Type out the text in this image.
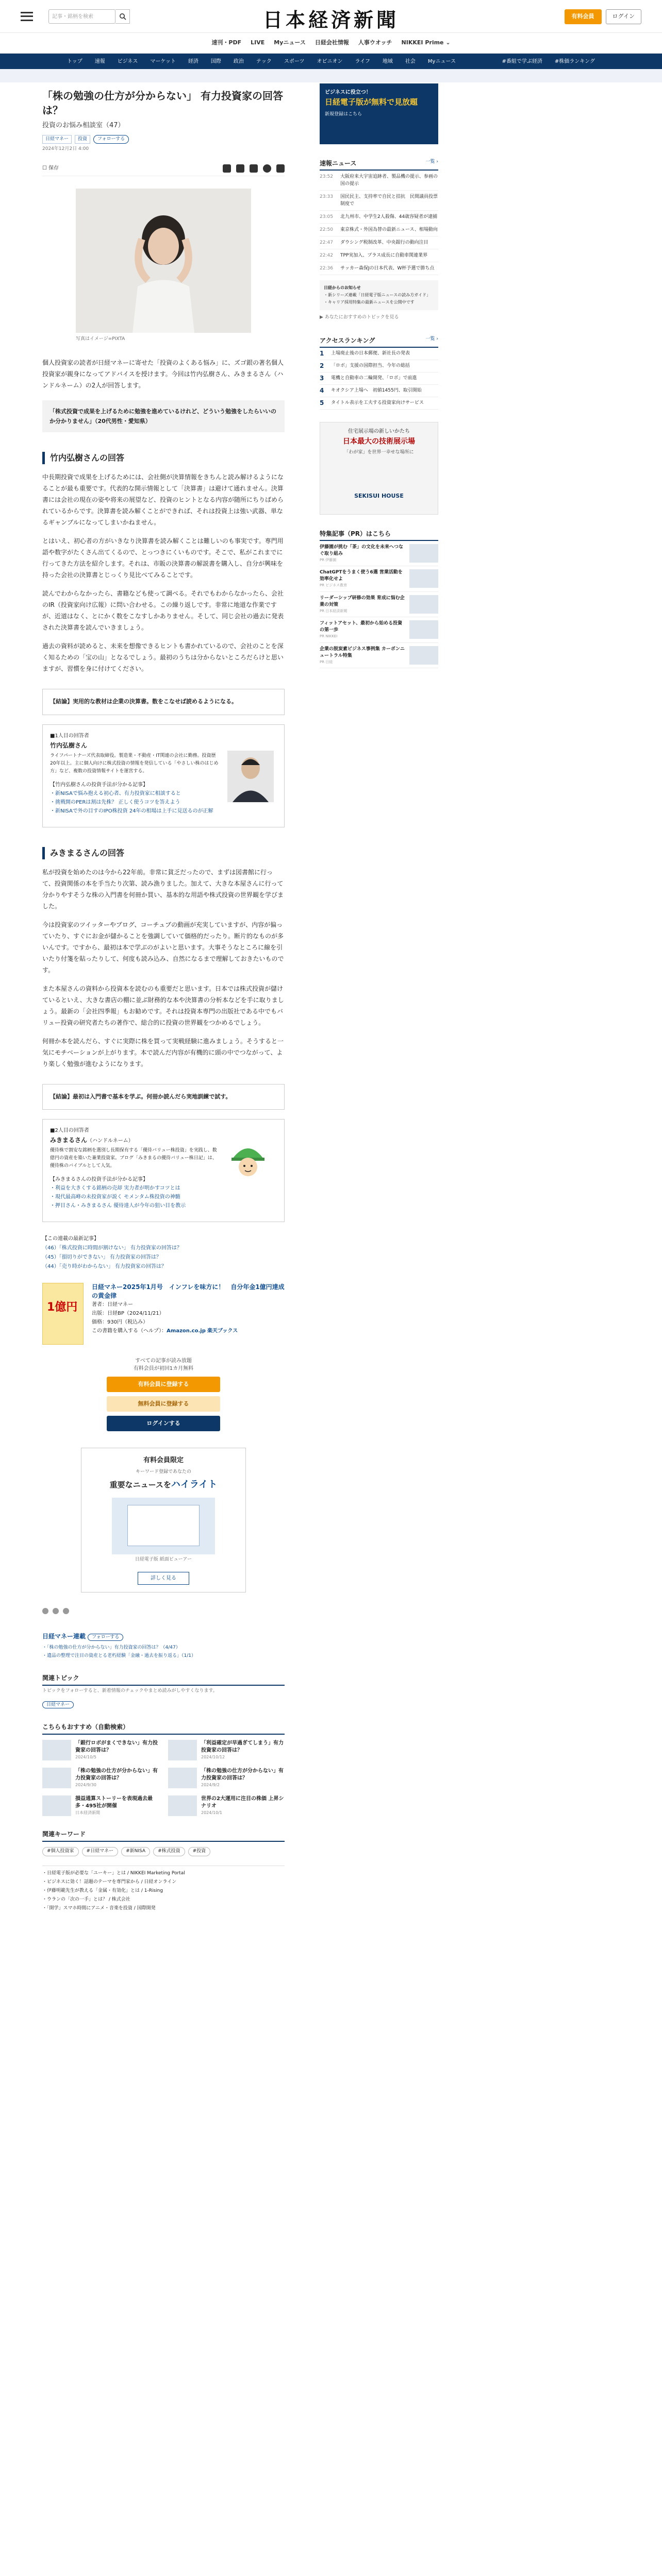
記事・銘柄を検索	日本経済新聞	有料会員	ログイン
速刊・PDF LIVE Myニュース 日経会社情報 人事ウオッチ NIKKEI Prime ⌄
トップ 速報 ビジネス マーケット 経済 国際 政治 テック スポーツ オピニオン ライフ 地域 社会 Myニュース	#番組で学ぶ経済 #株価ランキング
「株の勉強の仕方が分からない」 有力投資家の回答は？
投資のお悩み相談室（47）
日経マネー	投資	フォローする
2024年12月2日 4:00
☐ 保存
写真はイメージ=PIXTA

個人投資家の読者が日経マネーに寄せた「投資のよくある悩み」に、ズゴ銀の著名個人投資家が親身になってアドバイスを授けます。今回は竹内弘樹さん、みきまるさん（ハンドルネーム）の2人が回答します。

「株式投資で成果を上げるために勉強を進めているけれど、どういう勉強をしたらいいのか分かりません」（20代男性・愛知県）
竹内弘樹さんの回答

中長期投資で成果を上げるためには、会社側が決算情報をきちんと読み解けるようになることが最も重要です。代表的な開示情報として「決算書」は避けて通れません。決算書には会社の現在の姿や将来の展望など、投資のヒントとなる内容が随所にちりばめられているからです。決算書を読み解くことができれば、それは投資上は強い武器、単なるギャンブルになってしまいかねません。

とはいえ、初心者の方がいきなり決算書を読み解くことは難しいのも事実です。専門用語や数字がたくさん出てくるので、とっつきにくいものです。そこで、私がこれまでに行ってきた方法を紹介します。それは、市販の決算書の解説書を購入し、自分が興味を持った会社の決算書とじっくり見比べてみることです。

読んでわからなかったら、書籍なども使って調べる。それでもわからなかったら、会社のIR（投資家向け広報）に問い合わせる。この繰り返しです。非常に地道な作業ですが、近道はなく、とにかく数をこなすしかありません。そして、同じ会社の過去に発表された決算書を読んでいきましょう。

過去の資料が読めると、未来を想像できるヒントも書かれているので、会社のことを深く知るための「宝の山」となるでしょう。最初のうちは分からないところだらけと思いますが、習慣を身に付けてください。

【結論】実用的な教材は企業の決算書。数をこなせば読めるようになる。
■1人目の回答者
竹内弘樹さん
ライフパートナーズ代表取締役。製造業・不動産・IT関連の会社に勤務。投資歴20年以上。主に個人向けに株式投資の情報を発信している「やさしい株のはじめ方」など、複数の投資情報サイトを運営する。
【竹内弘樹さんの投資手法が分かる記事】
・新NISAで悩み抱える初心者、有力投資家に相談すると
・挑戦開のPERは割は先株？ 正しく使うコツを答えよう
・新NISAで外の目すのIPO株投資 24年の相場は上手に見送るのが正解
みきまるさんの回答

私が投資を始めたのは今から22年前。非常に貧乏だったので、まずは図書館に行って、投資関係の本を手当たり次第、読み漁りました。加えて、大きな本屋さんに行って分かりやすそうな株の入門書を何冊か買い、基本的な用語や株式投資の世界観を学びました。

今は投資家のツイッターやブログ、コーチュブの動画が充実していますが、内容が偏っていたり、すぐにお金が儲かることを強調していて価格的だったり。断片的なものが多いんです。ですから、最初は本で学ぶのがよいと思います。大事そうなところに線を引いたり付箋を貼ったりして、何度も読み込み、自然になるまで理解しておきたいものです。

また本屋さんの資料から投資本を読むのも重要だと思います。日本では株式投資が儲けているといえ、大きな書店の棚に並ぶ財務的な本や決算書の分析本などを手に取りましょう。最新の「会社四季報」もお勧めです。それは投資本専門の出版社である中でもバリュー投資の研究者たちの著作で、総合的に投資の世界観をつかめるでしょう。

何冊か本を読んだら、すぐに実際に株を買って実戦経験に進みましょう。そうすると一気にモチベーションが上がります。本で読んだ内容が有機的に頭の中でつながって、より楽しく勉強が進むようになります。

【結論】最初は入門書で基本を学ぶ。何冊か読んだら実地訓練で試す。
■2人目の回答者
みきまるさん（ハンドルネーム）
優待株で割安な銘柄を選別し長期保有する「優待バリュー株投資」を実践し、数億円の資産を築いた兼業投資家。ブログ「みきまるの優待バリュー株日記」は、優待株のバイブルとして人気。
【みきまるさんの投資手法が分かる記事】
・利益を大きくする銘柄の売却 実力者が明かすコツとは
・現代最高峰の未投資家が説く モメンタム株投資の神髄
・押目さん・みきまるさん 優待達人が今年の狙い目を教示
【この連載の最新記事】
（46）「株式投資に時間が割けない」 有力投資家の回答は？
（45）「損切りができない」 有力投資家の回答は？
（44）「売り時がわからない」 有力投資家の回答は？
1億円
日経マネー2025年1月号　インフレを味方に！　自分年金1億円達成の黄金律
著者：日経マネー
出版：日経BP（2024/11/21）
価格：930円（税込み）
この書籍を購入する（ヘルプ）：Amazon.co.jp 楽天ブックス
すべての記事が読み放題
有料会員が初回1カ月無料
有料会員に登録する
無料会員に登録する
ログインする
有料会員限定
キーワード登録であなたの
重要なニュースをハイライト
日経電子版 紙面ビューアー
詳しく見る
日経マネー連載 フォローする
・「株の勉強の仕方が分からない」有力投資家の回答は？（4/47）
・遺品の整理で注目の資産とる老朽経験「金融・過去を振り返る」（1/1）
関連トピック
トピックをフォローすると、新着情報のチェックやまとめ読みがしやすくなります。
日経マネー
こちらもおすすめ（自動検索）
「銀行ロボがまくできない」有力投資家の回答は？
2024/10/5
「利益確定が早過ぎてしまう」有力投資家の回答は？
2024/10/12
「株の勉強の仕方が分からない」有力投資家の回答は？
2024/9/30
「株の勉強の仕方が分からない」有力投資家の回答は？
2024/9/2
損益通算ストーリーを表現過去最多・495社が開催
日本経済新聞
世界の2大運用に注目の株価 上昇シナリオ
2024/10/1
関連キーワード
#個人投資家	#日経マネー	#新NISA	#株式投資	#投資
・日経電子版が必要な「ユーキー」とは / NIKKEI Marketing Portal
・ビジネスに効く！話題のテーマを専門家から / 日経オンライン
・伊藤明範先生が教える「金属・有効化」とは / 1-Rising
・ウランの「次の一手」とは？ / 株式会社
・「開学」スマホ時間にアニメ・音楽を投資 / 国際開発
ビジネスに役立つ！
日経電子版が無料で見放題
新規登録はこちら
速報ニュース	一覧 ›
23:52	大阪府来大宇宙追跡者、製品機の提示、参画の国の提示
23:33	国民民主、支持率で自民と拮抗　民間議員投票制度で
23:05	北九州市、中学生2人殺傷、44歳容疑者が逮捕
22:50	東京株式・外国為替の最新ニュース、相場動向
22:47	ダウシング税制改革、中央銀行の動向注目
22:42	TPP実加入、プラス成長に自動車関連業界
22:36	サッカー森保Jの日本代表、W杯予選で勝ち点
日経からのお知らせ
・新シリーズ連載「日経電子版ニュースの読み方ガイド」
・キャリア採用特集の最新ニュースを公開中です
▶ あなたにおすすめのトピックを見る
アクセスランキング	一覧 ›
1	上場廃止後の日本郵便、新社長の発表
2	「ロボ」支援の国際担当、今年の総括
3	電機と自動車の二輪開発、「ロボ」で前進
4	キオクシア上場へ　初値1455円、取引開始
5	タイトル表示を工夫する投資家向けサービス
住宅展示場の新しいかたち
日本最大の技術展示場
「わが家」を世界一幸せな場所に
SEKISUI HOUSE
特集記事（PR）はこちら
伊藤園が挑む「茶」の文化を未来へつなぐ取り組み
PR 伊藤園
ChatGPTをうまく使う6選 営業活動を効率化せよ
PR ビジネス教育
リーダーシップ研修の効果 育成に悩む企業の対策
PR 日本経済新聞
フィットアセット、最初から始める投資の第一歩
PR NIKKEI
企業の脱炭素ビジネス事例集 カーボンニュートラル特集
PR 日経
